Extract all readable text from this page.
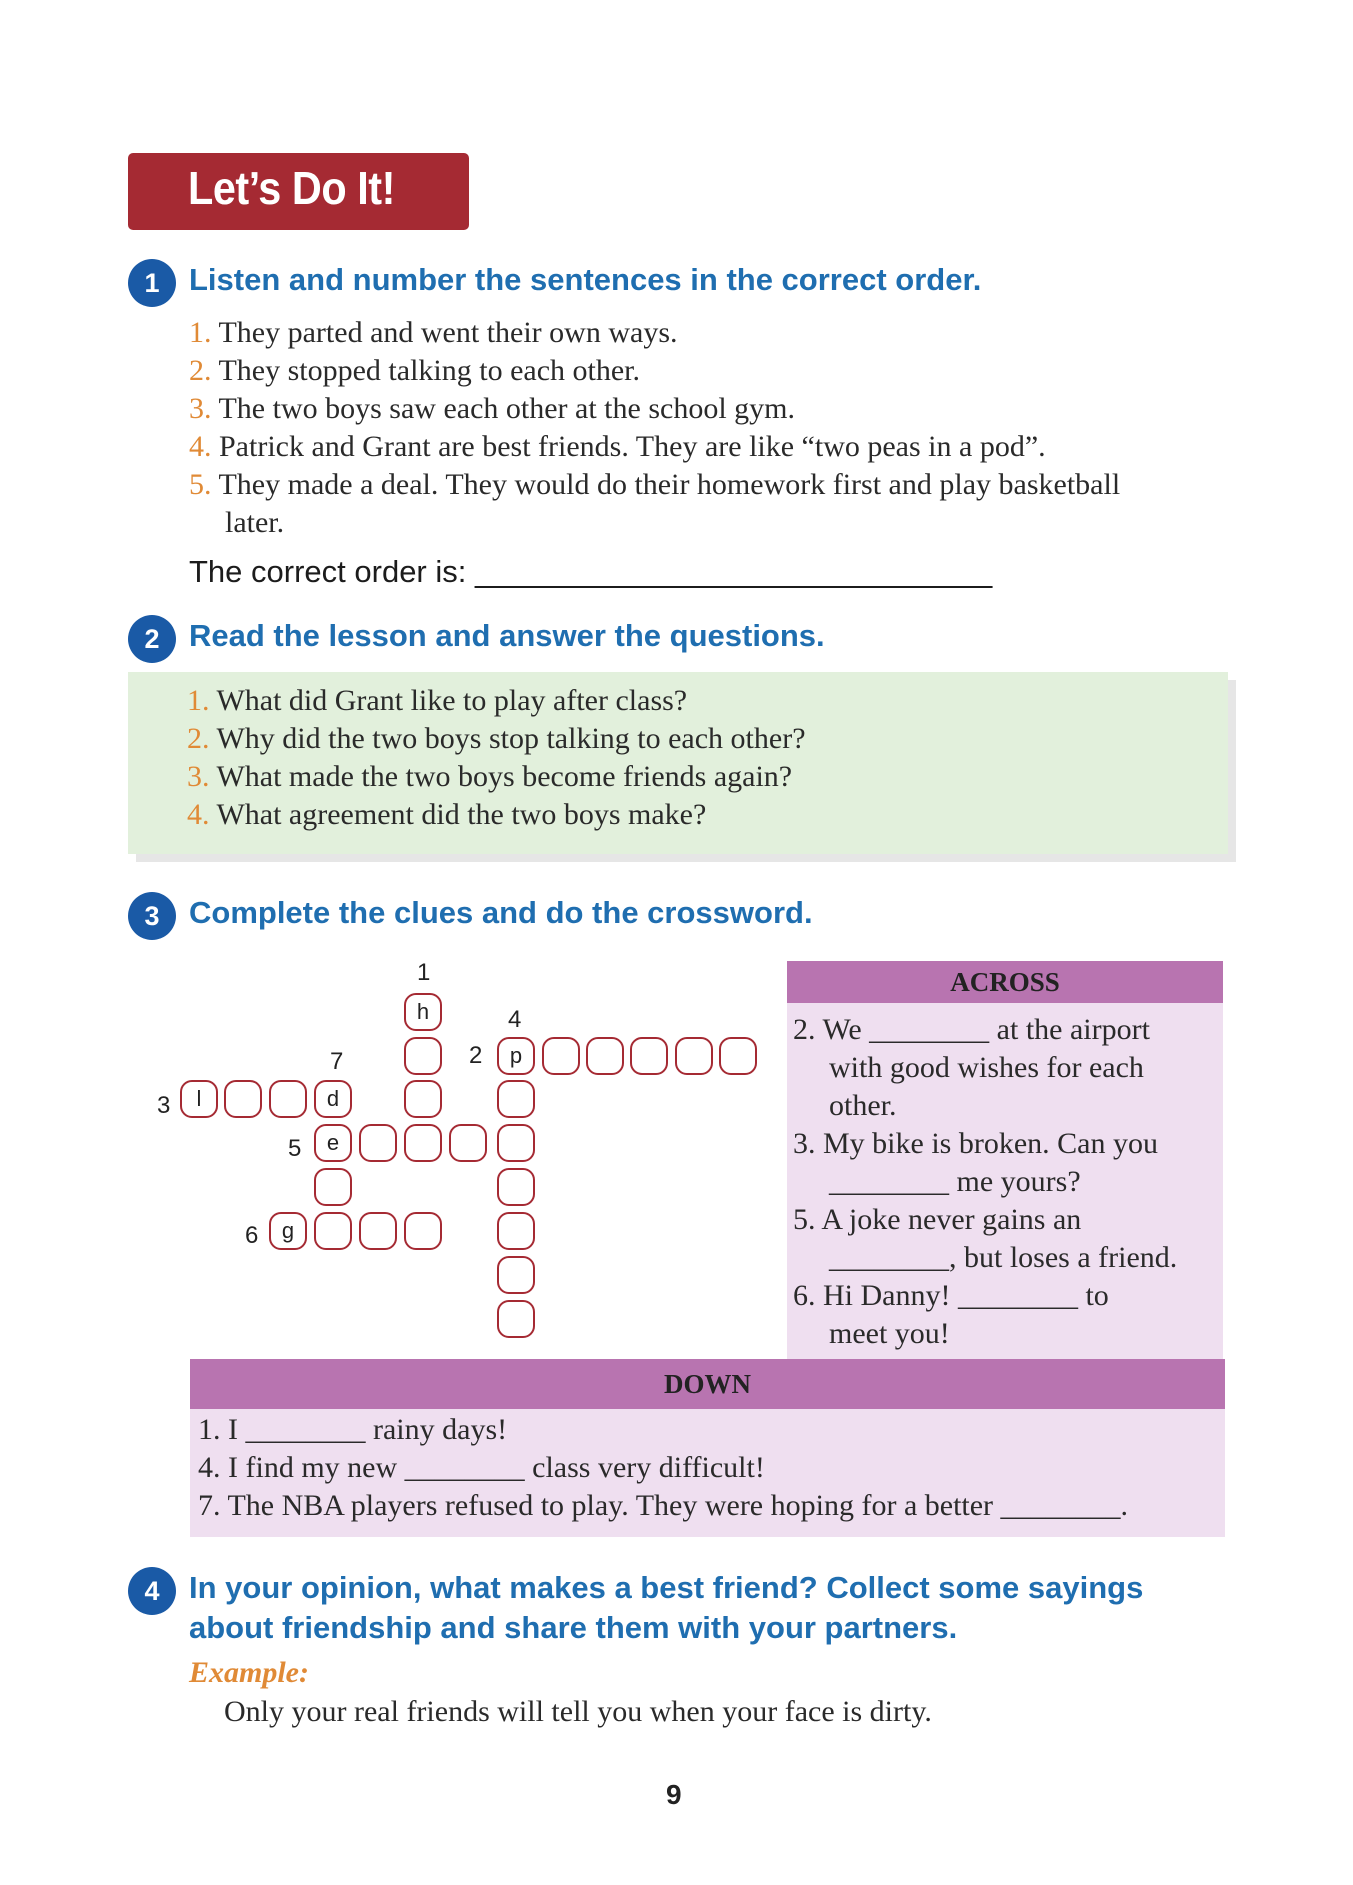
Let’s Do It!
1 Listen and number the sentences in the correct order.
1. They parted and went their own ways.
2. They stopped talking to each other.
3. The two boys saw each other at the school gym.
4. Patrick and Grant are best friends. They are like “two peas in a pod”.
5. They made a deal. They would do their homework first and play basketball
later.
The correct order is: ______________________________
2 Read the lesson and answer the questions.
1. What did Grant like to play after class?
2. Why did the two boys stop talking to each other?
3. What made the two boys become friends again?
4. What agreement did the two boys make?
3 Complete the clues and do the crossword.
1
4
7	2
3
5
6
h
p
l	d
e
g
ACROSS
2. We ________ at the airport
with good wishes for each
other.
3. My bike is broken. Can you
________ me yours?
5. A joke never gains an
________, but loses a friend.
6. Hi Danny! ________ to
meet you!
DOWN
1. I ________ rainy days!
4. I find my new ________ class very difficult!
7. The NBA players refused to play. They were hoping for a better ________.
4 In your opinion, what makes a best friend? Collect some sayings
about friendship and share them with your partners.
Example:
Only your real friends will tell you when your face is dirty.
9
